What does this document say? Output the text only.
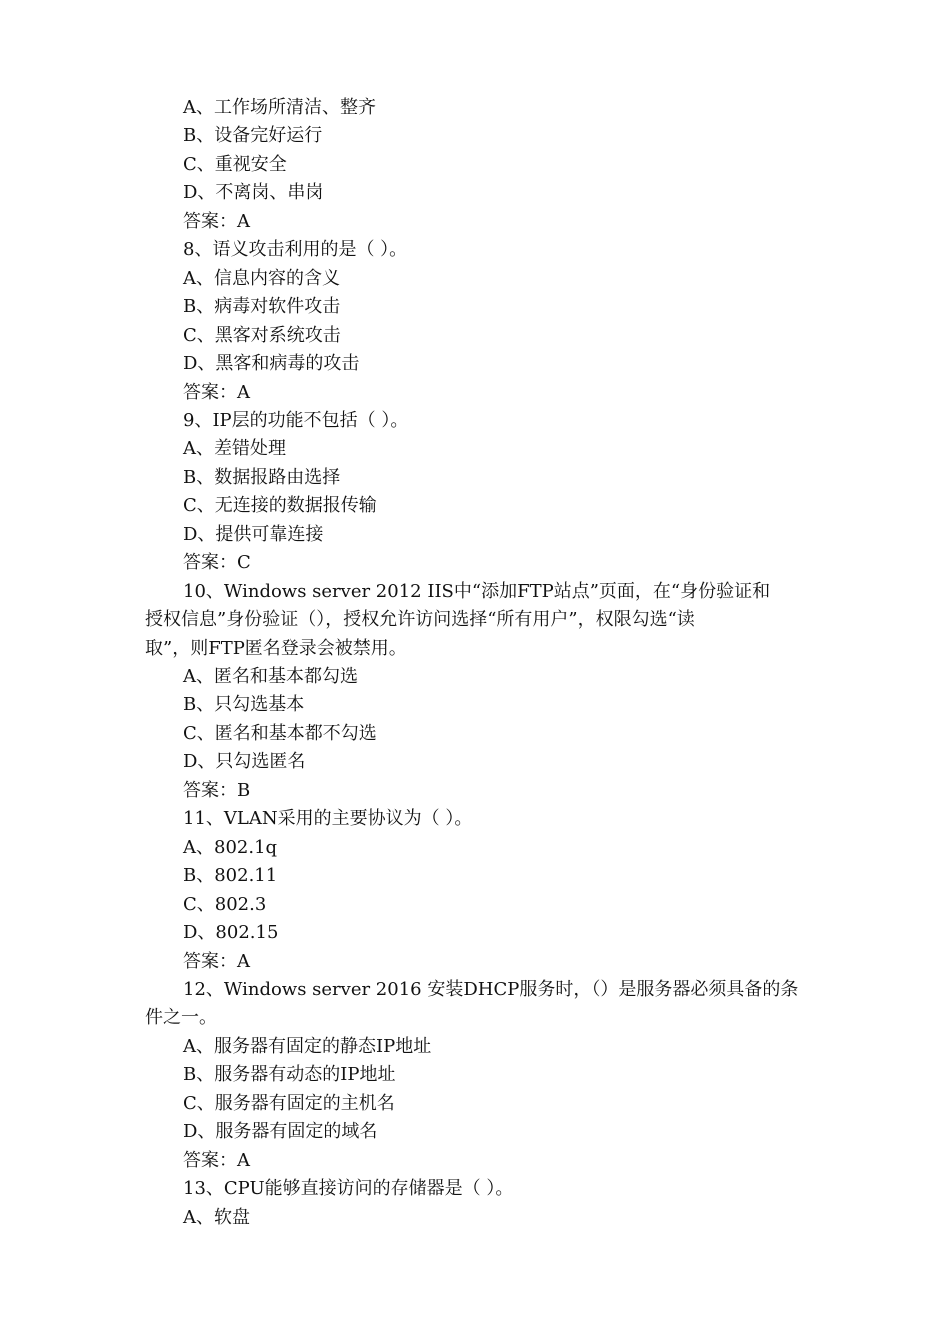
A、工作场所清洁、整齐
B、设备完好运行
C、重视安全
D、不离岗、串岗
答案：A
8、语义攻击利用的是（ ）。
A、信息内容的含义
B、病毒对软件攻击
C、黑客对系统攻击
D、黑客和病毒的攻击
答案：A
9、IP层的功能不包括（ ）。
A、差错处理
B、数据报路由选择
C、无连接的数据报传输
D、提供可靠连接
答案：C
10、Windows server 2012 IIS中“添加FTP站点”页面，在“身份验证和
授权信息”身份验证（），授权允许访问选择“所有用户”，权限勾选“读
取”，则FTP匿名登录会被禁用。
A、匿名和基本都勾选
B、只勾选基本
C、匿名和基本都不勾选
D、只勾选匿名
答案：B
11、VLAN采用的主要协议为（ ）。
A、802.1q
B、802.11
C、802.3
D、802.15
答案：A
12、Windows server 2016 安装DHCP服务时，（）是服务器必须具备的条
件之一。
A、服务器有固定的静态IP地址
B、服务器有动态的IP地址
C、服务器有固定的主机名
D、服务器有固定的域名
答案：A
13、CPU能够直接访问的存储器是（ ）。
A、软盘
